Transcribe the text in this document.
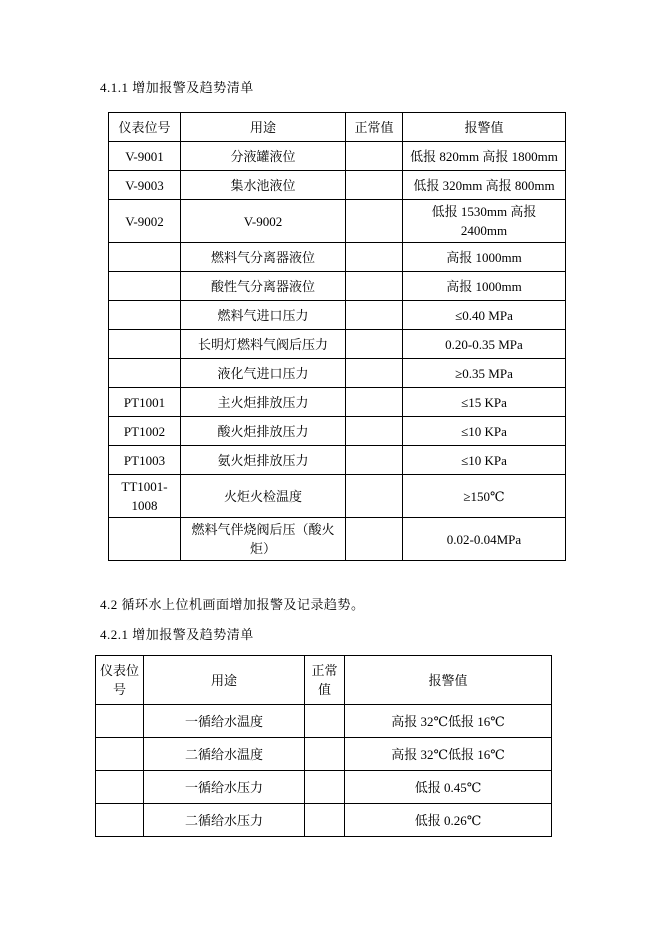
4.1.1 增加报警及趋势清单

仪表位号	用途	正常值	报警值
V-9001	分液罐液位		低报 820mm 高报 1800mm
V-9003	集水池液位		低报 320mm 高报 800mm
V-9002	V-9002		低报 1530mm 高报 2400mm
	燃料气分离器液位		高报 1000mm
	酸性气分离器液位		高报 1000mm
	燃料气进口压力		≤0.40 MPa
	长明灯燃料气阀后压力		0.20-0.35 MPa
	液化气进口压力		≥0.35 MPa
PT1001	主火炬排放压力		≤15 KPa
PT1002	酸火炬排放压力		≤10 KPa
PT1003	氨火炬排放压力		≤10 KPa
TT1001-1008	火炬火检温度		≥150℃
	燃料气伴烧阀后压（酸火炬）		0.02-0.04MPa

4.2 循环水上位机画面增加报警及记录趋势。

4.2.1 增加报警及趋势清单

仪表位号	用途	正常值	报警值
	一循给水温度		高报 32℃低报 16℃
	二循给水温度		高报 32℃低报 16℃
	一循给水压力		低报 0.45℃
	二循给水压力		低报 0.26℃
